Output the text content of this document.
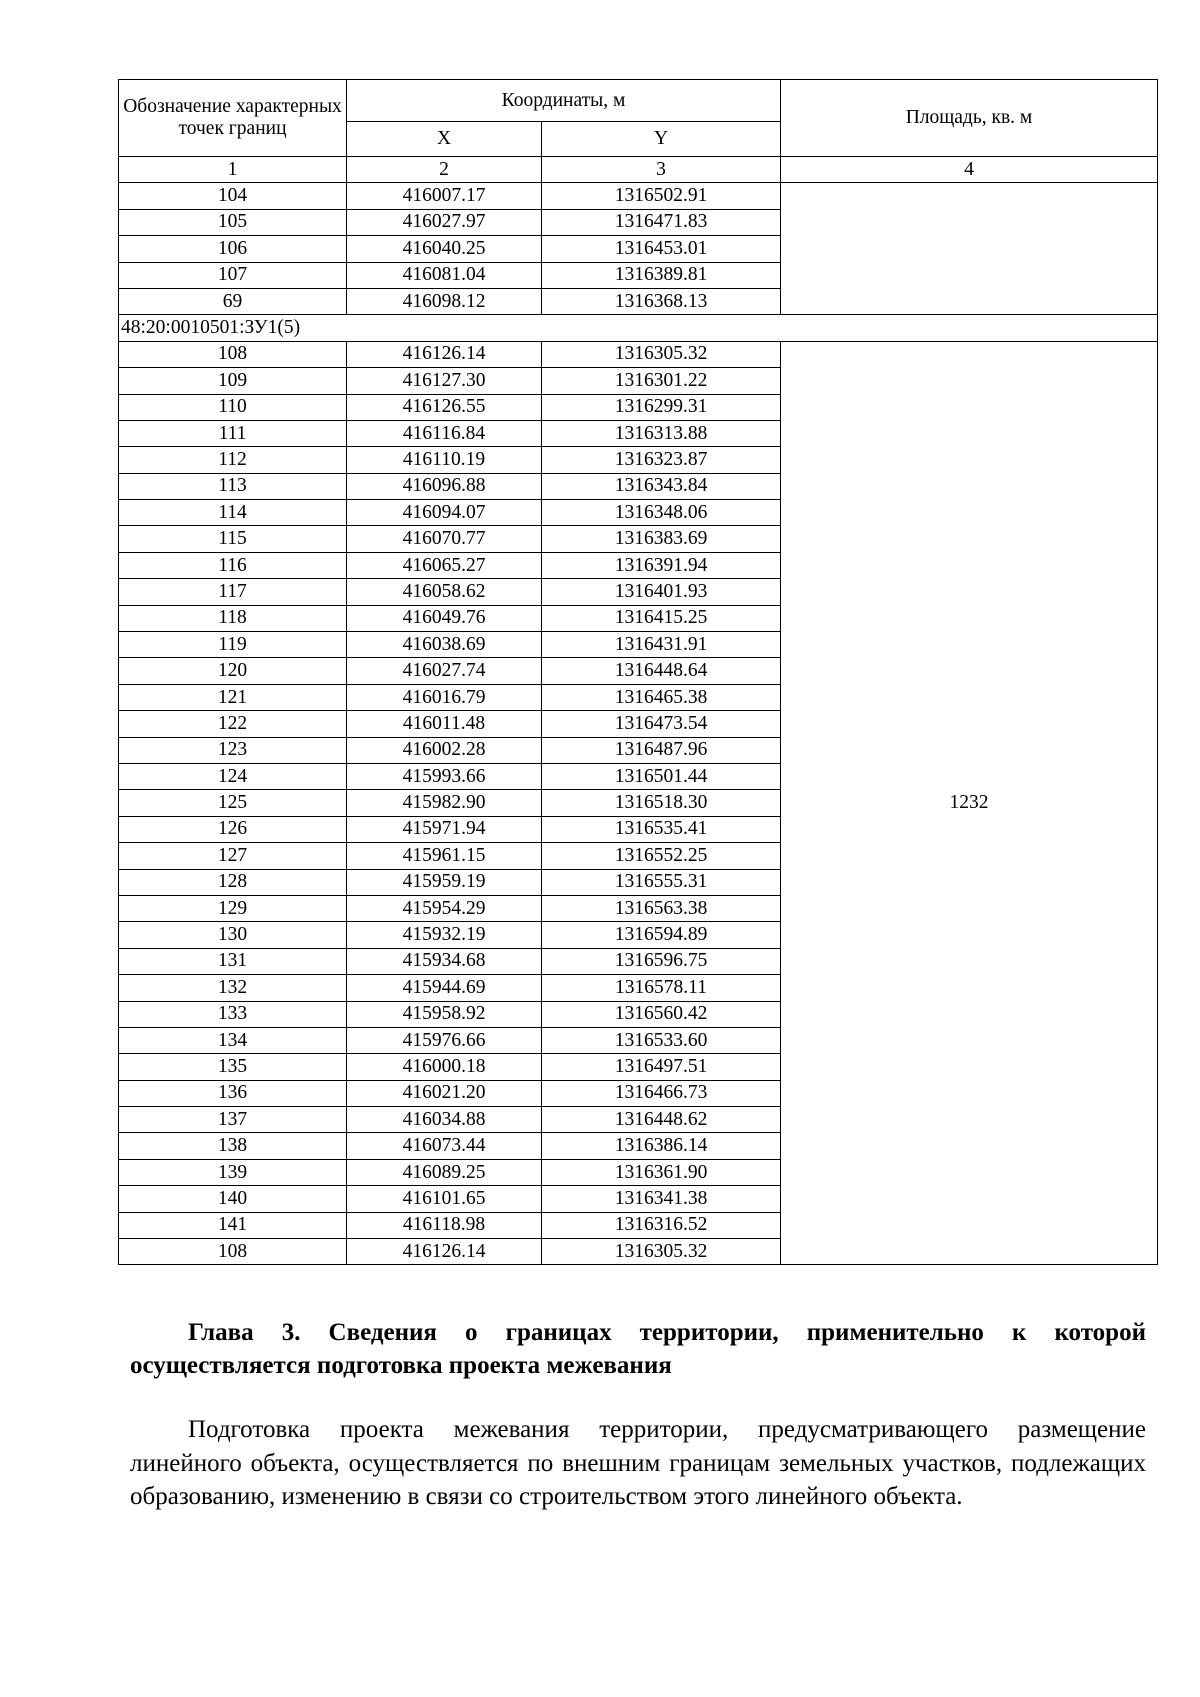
Обозначение характерных точек границ	Координаты, м		Площадь, кв. м
	X	Y	
1	2	3	4
104	416007.17	1316502.91	
105	416027.97	1316471.83	
106	416040.25	1316453.01	
107	416081.04	1316389.81	
69	416098.12	1316368.13	
48:20:0010501:ЗУ1(5)			
108	416126.14	1316305.32	1232
109	416127.30	1316301.22	
110	416126.55	1316299.31	
111	416116.84	1316313.88	
112	416110.19	1316323.87	
113	416096.88	1316343.84	
114	416094.07	1316348.06	
115	416070.77	1316383.69	
116	416065.27	1316391.94	
117	416058.62	1316401.93	
118	416049.76	1316415.25	
119	416038.69	1316431.91	
120	416027.74	1316448.64	
121	416016.79	1316465.38	
122	416011.48	1316473.54	
123	416002.28	1316487.96	
124	415993.66	1316501.44	
125	415982.90	1316518.30	
126	415971.94	1316535.41	
127	415961.15	1316552.25	
128	415959.19	1316555.31	
129	415954.29	1316563.38	
130	415932.19	1316594.89	
131	415934.68	1316596.75	
132	415944.69	1316578.11	
133	415958.92	1316560.42	
134	415976.66	1316533.60	
135	416000.18	1316497.51	
136	416021.20	1316466.73	
137	416034.88	1316448.62	
138	416073.44	1316386.14	
139	416089.25	1316361.90	
140	416101.65	1316341.38	
141	416118.98	1316316.52	
108	416126.14	1316305.32	
Глава 3. Сведения о границах территории, применительно к которой осуществляется подготовка проекта межевания
Подготовка проекта межевания территории, предусматривающего размещение линейного объекта, осуществляется по внешним границам земельных участков, подлежащих образованию, изменению в связи со строительством этого линейного объекта.
